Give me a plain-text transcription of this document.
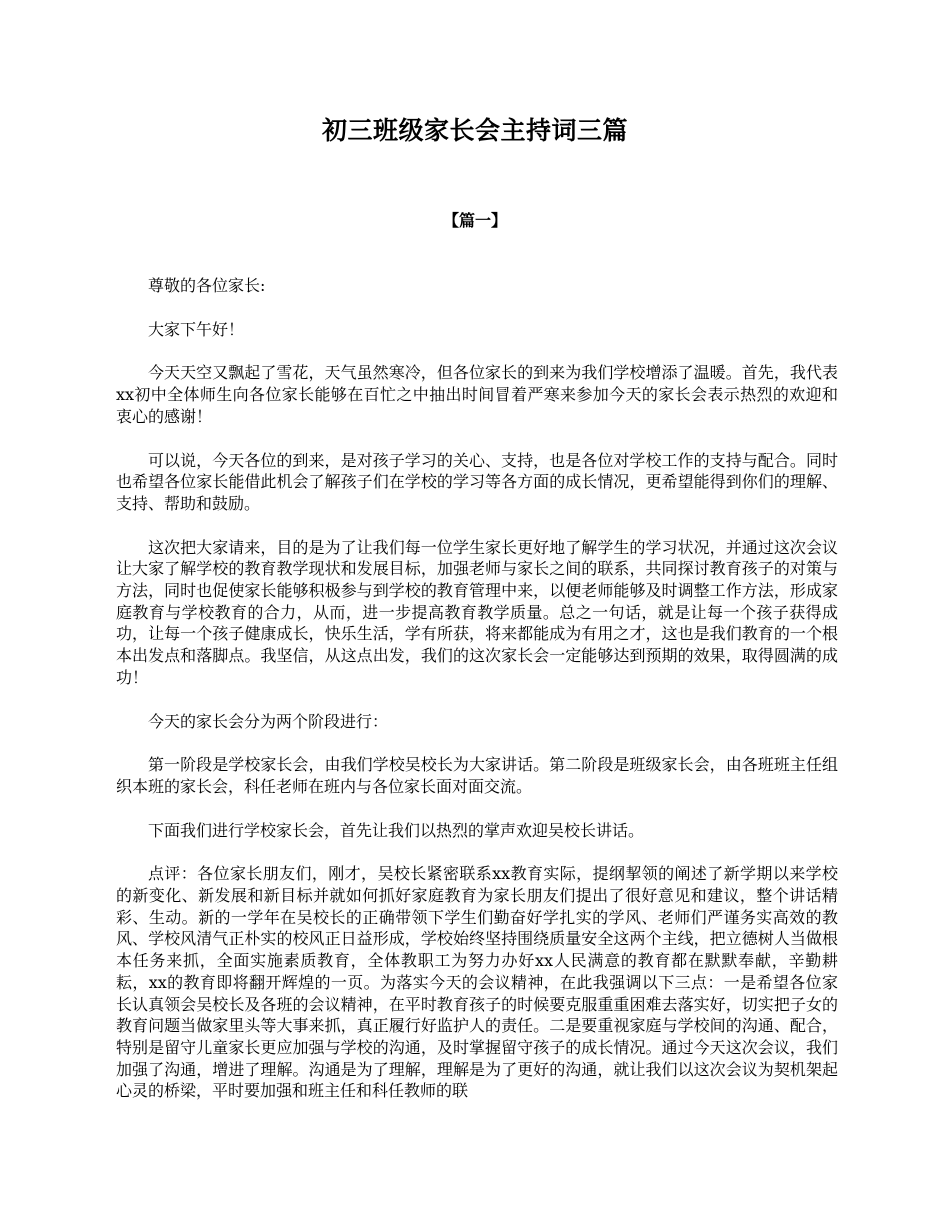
初三班级家长会主持词三篇
【篇一】

尊敬的各位家长:

大家下午好！

今天天空又飘起了雪花，天气虽然寒冷，但各位家长的到来为我们学校增添了温暖。首先，我代表xx初中全体师生向各位家长能够在百忙之中抽出时间冒着严寒来参加今天的家长会表示热烈的欢迎和衷心的感谢！

可以说，今天各位的到来，是对孩子学习的关心、支持，也是各位对学校工作的支持与配合。同时也希望各位家长能借此机会了解孩子们在学校的学习等各方面的成长情况，更希望能得到你们的理解、支持、帮助和鼓励。

这次把大家请来，目的是为了让我们每一位学生家长更好地了解学生的学习状况，并通过这次会议让大家了解学校的教育教学现状和发展目标，加强老师与家长之间的联系，共同探讨教育孩子的对策与方法，同时也促使家长能够积极参与到学校的教育管理中来，以便老师能够及时调整工作方法，形成家庭教育与学校教育的合力，从而，进一步提高教育教学质量。总之一句话，就是让每一个孩子获得成功，让每一个孩子健康成长，快乐生活，学有所获，将来都能成为有用之才，这也是我们教育的一个根本出发点和落脚点。我坚信，从这点出发，我们的这次家长会一定能够达到预期的效果，取得圆满的成功！

今天的家长会分为两个阶段进行：

第一阶段是学校家长会，由我们学校吴校长为大家讲话。第二阶段是班级家长会，由各班班主任组织本班的家长会，科任老师在班内与各位家长面对面交流。

下面我们进行学校家长会，首先让我们以热烈的掌声欢迎吴校长讲话。

点评：各位家长朋友们，刚才，吴校长紧密联系xx教育实际，提纲挈领的阐述了新学期以来学校的新变化、新发展和新目标并就如何抓好家庭教育为家长朋友们提出了很好意见和建议，整个讲话精彩、生动。新的一学年在吴校长的正确带领下学生们勤奋好学扎实的学风、老师们严谨务实高效的教风、学校风清气正朴实的校风正日益形成，学校始终坚持围绕质量安全这两个主线，把立德树人当做根本任务来抓，全面实施素质教育，全体教职工为努力办好xx人民满意的教育都在默默奉献，辛勤耕耘，xx的教育即将翻开辉煌的一页。为落实今天的会议精神，在此我强调以下三点：一是希望各位家长认真领会吴校长及各班的会议精神，在平时教育孩子的时候要克服重重困难去落实好，切实把子女的教育问题当做家里头等大事来抓，真正履行好监护人的责任。二是要重视家庭与学校间的沟通、配合，特别是留守儿童家长更应加强与学校的沟通，及时掌握留守孩子的成长情况。通过今天这次会议，我们加强了沟通，增进了理解。沟通是为了理解，理解是为了更好的沟通，就让我们以这次会议为契机架起心灵的桥梁，平时要加强和班主任和科任教师的联
